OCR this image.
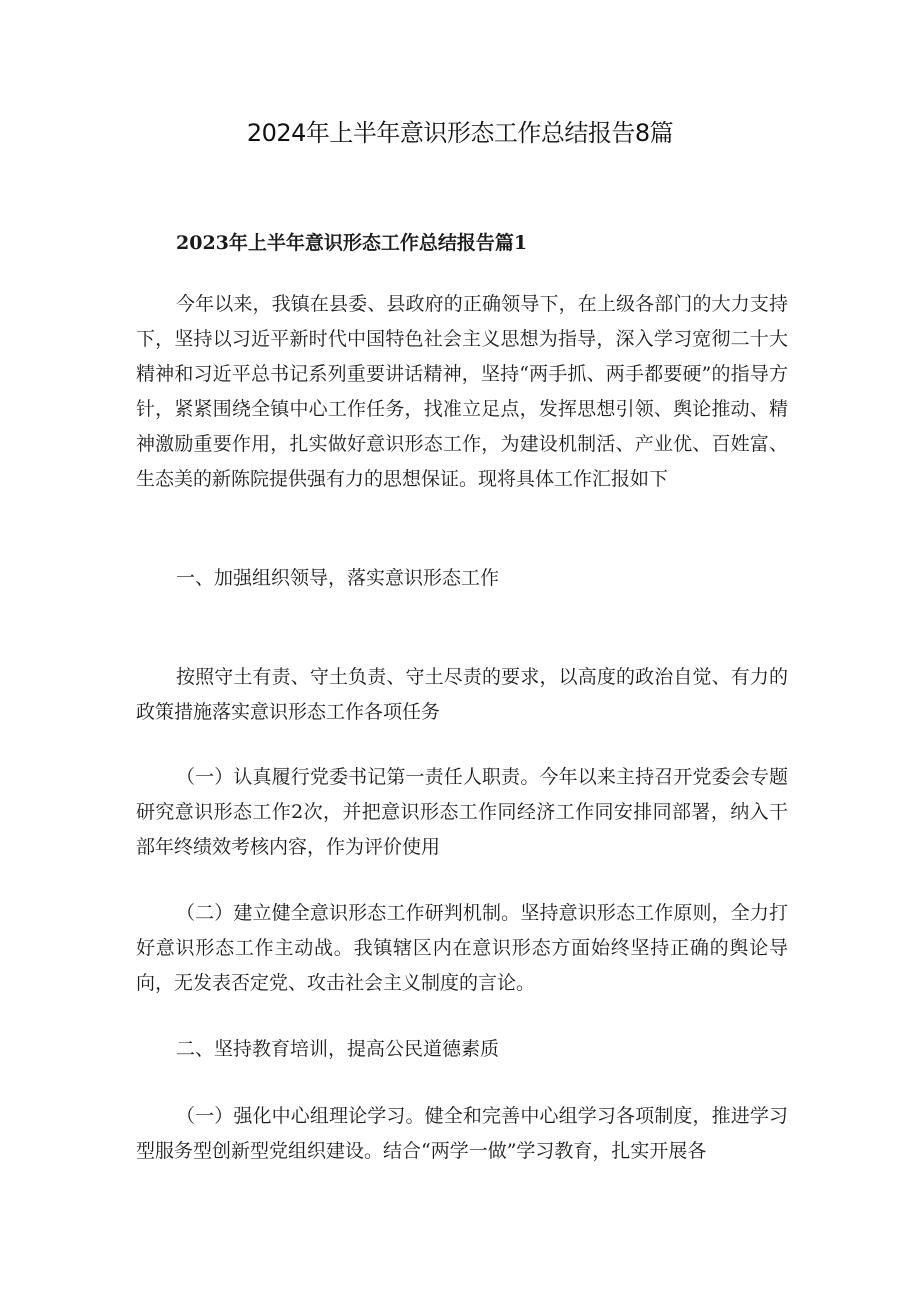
2024年上半年意识形态工作总结报告8篇

2023年上半年意识形态工作总结报告篇1

今年以来，我镇在县委、县政府的正确领导下，在上级各部门的大力支持下，坚持以习近平新时代中国特色社会主义思想为指导，深入学习宽彻二十大精神和习近平总书记系列重要讲话精神，坚持“两手抓、两手都要硬”的指导方针，紧紧围绕全镇中心工作任务，找准立足点，发挥思想引领、舆论推动、精神激励重要作用，扎实做好意识形态工作，为建设机制活、产业优、百姓富、生态美的新陈院提供强有力的思想保证。现将具体工作汇报如下

一、加强组织领导，落实意识形态工作

按照守土有责、守土负责、守土尽责的要求，以高度的政治自觉、有力的政策措施落实意识形态工作各项任务

（一）认真履行党委书记第一责任人职责。今年以来主持召开党委会专题研究意识形态工作2次，并把意识形态工作同经济工作同安排同部署，纳入干部年终绩效考核内容，作为评价使用

（二）建立健全意识形态工作研判机制。坚持意识形态工作原则，全力打好意识形态工作主动战。我镇辖区内在意识形态方面始终坚持正确的舆论导向，无发表否定党、攻击社会主义制度的言论。

二、坚持教育培训，提高公民道德素质

（一）强化中心组理论学习。健全和完善中心组学习各项制度，推进学习型服务型创新型党组织建设。结合“两学一做”学习教育，扎实开展各
